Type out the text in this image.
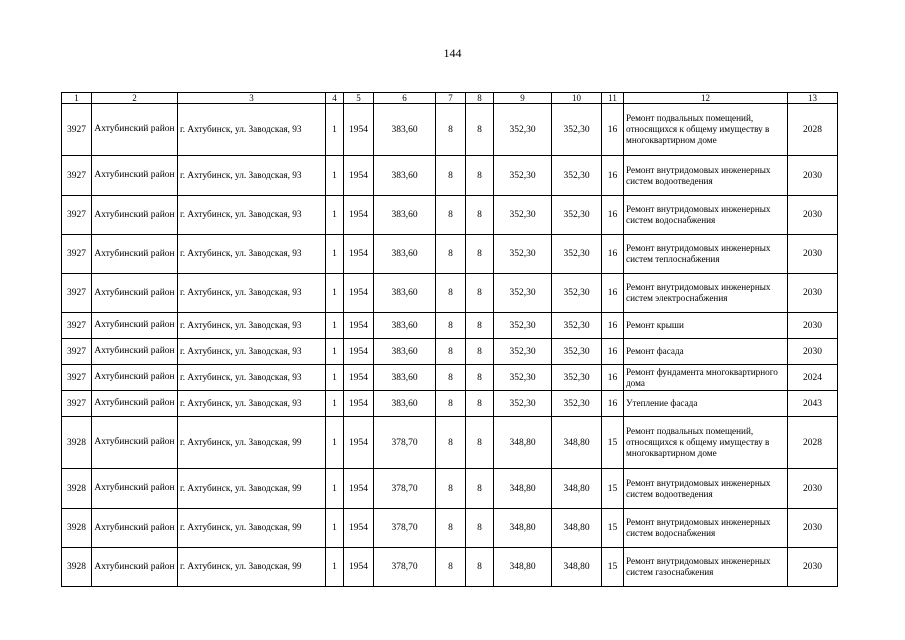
144
1	2	3	4	5	6	7	8	9	10	11	12	13
3927	Ахтубинский район	г. Ахтубинск, ул. Заводская, 93	1	1954	383,60	8	8	352,30	352,30	16	Ремонт подвальных помещений, относящихся к общему имуществу в многоквартирном доме	2028
3927	Ахтубинский район	г. Ахтубинск, ул. Заводская, 93	1	1954	383,60	8	8	352,30	352,30	16	Ремонт внутридомовых инженерных систем водоотведения	2030
3927	Ахтубинский район	г. Ахтубинск, ул. Заводская, 93	1	1954	383,60	8	8	352,30	352,30	16	Ремонт внутридомовых инженерных систем водоснабжения	2030
3927	Ахтубинский район	г. Ахтубинск, ул. Заводская, 93	1	1954	383,60	8	8	352,30	352,30	16	Ремонт внутридомовых инженерных систем теплоснабжения	2030
3927	Ахтубинский район	г. Ахтубинск, ул. Заводская, 93	1	1954	383,60	8	8	352,30	352,30	16	Ремонт внутридомовых инженерных систем электроснабжения	2030
3927	Ахтубинский район	г. Ахтубинск, ул. Заводская, 93	1	1954	383,60	8	8	352,30	352,30	16	Ремонт крыши	2030
3927	Ахтубинский район	г. Ахтубинск, ул. Заводская, 93	1	1954	383,60	8	8	352,30	352,30	16	Ремонт фасада	2030
3927	Ахтубинский район	г. Ахтубинск, ул. Заводская, 93	1	1954	383,60	8	8	352,30	352,30	16	Ремонт фундамента многоквартирного дома	2024
3927	Ахтубинский район	г. Ахтубинск, ул. Заводская, 93	1	1954	383,60	8	8	352,30	352,30	16	Утепление фасада	2043
3928	Ахтубинский район	г. Ахтубинск, ул. Заводская, 99	1	1954	378,70	8	8	348,80	348,80	15	Ремонт подвальных помещений, относящихся к общему имуществу в многоквартирном доме	2028
3928	Ахтубинский район	г. Ахтубинск, ул. Заводская, 99	1	1954	378,70	8	8	348,80	348,80	15	Ремонт внутридомовых инженерных систем водоотведения	2030
3928	Ахтубинский район	г. Ахтубинск, ул. Заводская, 99	1	1954	378,70	8	8	348,80	348,80	15	Ремонт внутридомовых инженерных систем водоснабжения	2030
3928	Ахтубинский район	г. Ахтубинск, ул. Заводская, 99	1	1954	378,70	8	8	348,80	348,80	15	Ремонт внутридомовых инженерных систем газоснабжения	2030
